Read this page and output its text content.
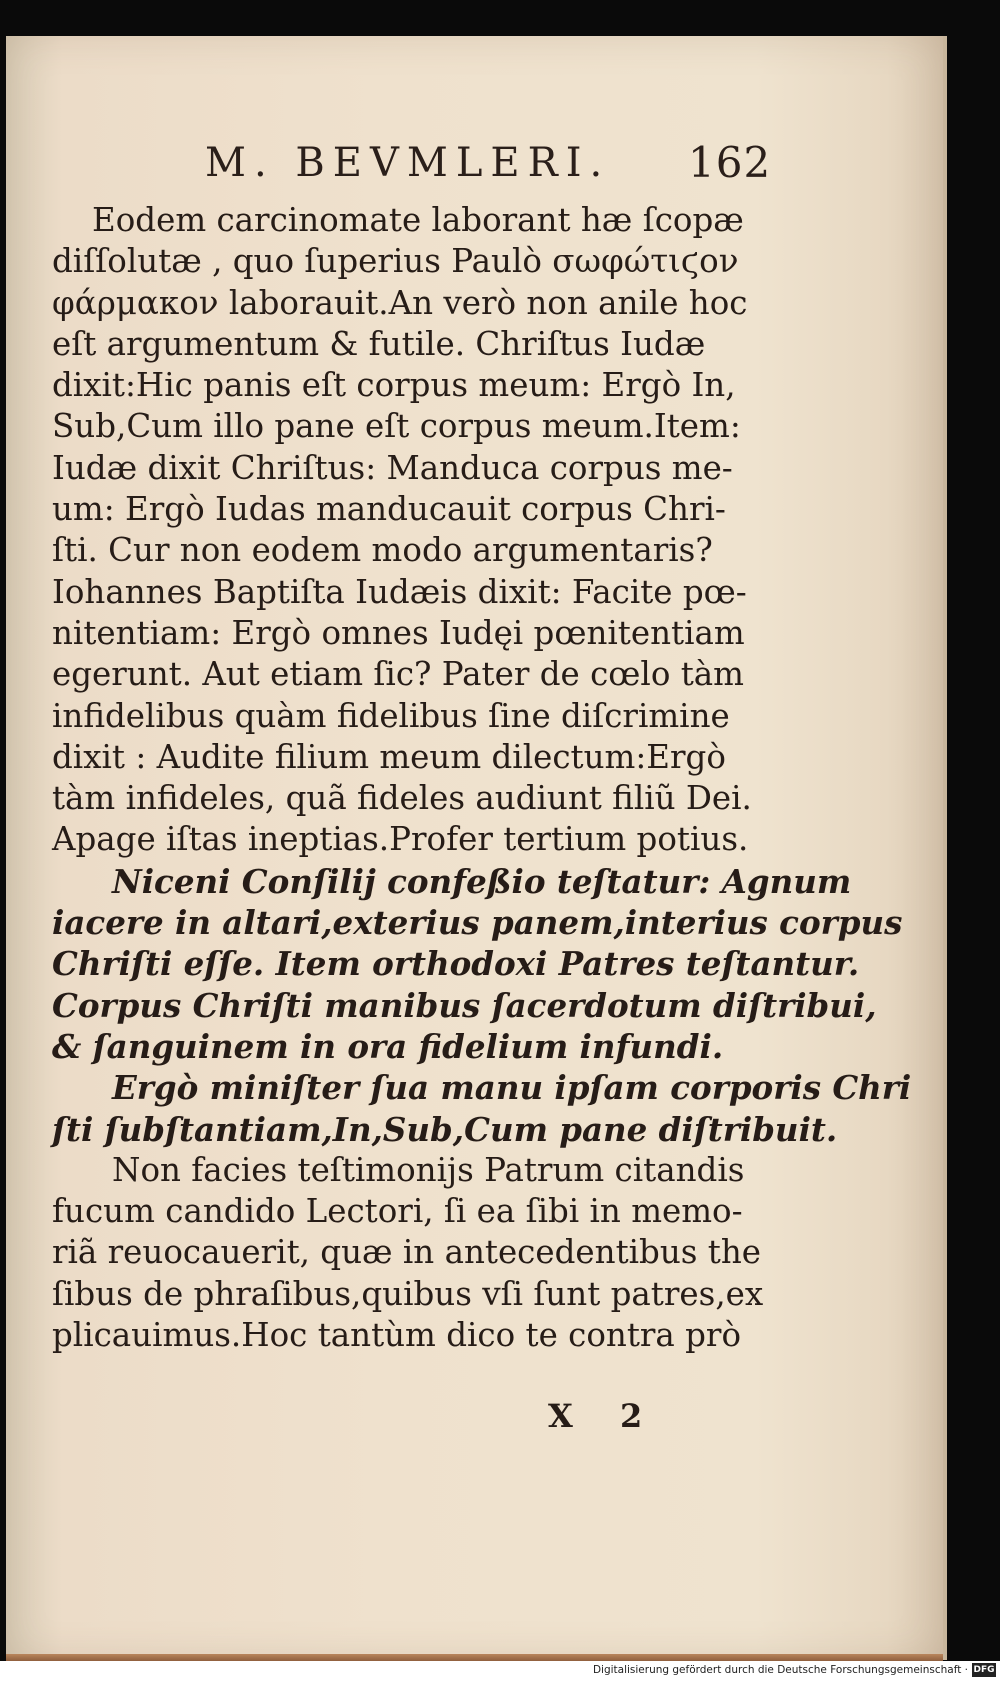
M. BEVMLERI.	162
Eodem carcinomate laborant hæ ſcopæ
diſſolutæ , quo ſuperius Paulò σωφώτιϛον
φάρμακον laborauit.An verò non anile hoc
eſt argumentum & futile. Chriſtus Iudæ
dixit:Hic panis eſt corpus meum: Ergò In,
Sub,Cum illo pane eſt corpus meum.Item:
Iudæ dixit Chriſtus: Manduca corpus me-
um: Ergò Iudas manducauit corpus Chri-
ſti. Cur non eodem modo argumentaris?
Iohannes Baptiſta Iudæis dixit: Facite pœ-
nitentiam: Ergò omnes Iudęi pœnitentiam
egerunt. Aut etiam ſic? Pater de cœlo tàm
infidelibus quàm fidelibus ſine diſcrimine
dixit : Audite filium meum dilectum:Ergò
tàm infideles, quã fideles audiunt filiũ Dei.
Apage iſtas ineptias.Profer tertium potius.
Niceni Conſilij confeßio teſtatur: Agnum
iacere in altari,exterius panem,interius corpus
Chriſti eſſe. Item orthodoxi Patres teſtantur.
Corpus Chriſti manibus ſacerdotum diſtribui,
& ſanguinem in ora fidelium infundi.
Ergò miniſter ſua manu ipſam corporis Chri
ſti ſubſtantiam,In,Sub,Cum pane diſtribuit.
Non facies teſtimonijs Patrum citandis
fucum candido Lectori, ſi ea ſibi in memo-
riã reuocauerit, quæ in antecedentibus the
ſibus de phraſibus,quibus vſi ſunt patres,ex
plicauimus.Hoc tantùm dico te contra prò
X 2
Digitalisierung gefördert durch die Deutsche Forschungsgemeinschaft · DFG
